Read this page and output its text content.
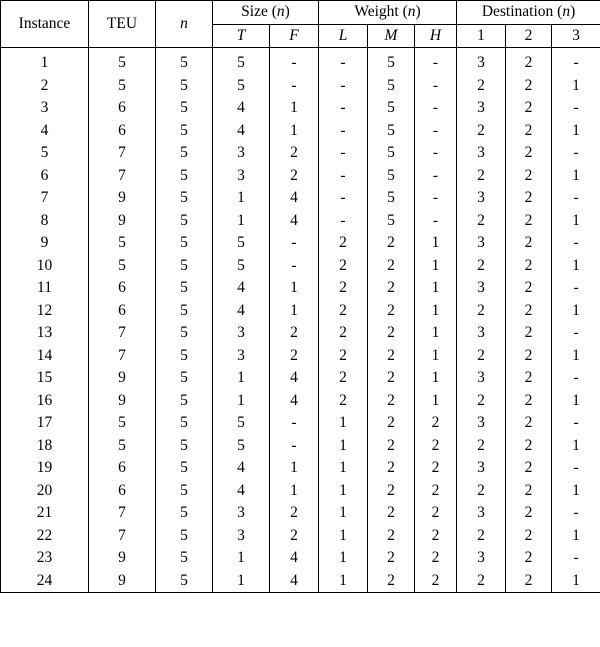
Instance	TEU	n	Size (n)		Weight (n)			Destination (n)		
			T	F	L	M	H	1	2	3

1	5	5	5	-	-	5	-	3	2	-
2	5	5	5	-	-	5	-	2	2	1
3	6	5	4	1	-	5	-	3	2	-
4	6	5	4	1	-	5	-	2	2	1
5	7	5	3	2	-	5	-	3	2	-
6	7	5	3	2	-	5	-	2	2	1
7	9	5	1	4	-	5	-	3	2	-
8	9	5	1	4	-	5	-	2	2	1
9	5	5	5	-	2	2	1	3	2	-
10	5	5	5	-	2	2	1	2	2	1
11	6	5	4	1	2	2	1	3	2	-
12	6	5	4	1	2	2	1	2	2	1
13	7	5	3	2	2	2	1	3	2	-
14	7	5	3	2	2	2	1	2	2	1
15	9	5	1	4	2	2	1	3	2	-
16	9	5	1	4	2	2	1	2	2	1
17	5	5	5	-	1	2	2	3	2	-
18	5	5	5	-	1	2	2	2	2	1
19	6	5	4	1	1	2	2	3	2	-
20	6	5	4	1	1	2	2	2	2	1
21	7	5	3	2	1	2	2	3	2	-
22	7	5	3	2	1	2	2	2	2	1
23	9	5	1	4	1	2	2	3	2	-
24	9	5	1	4	1	2	2	2	2	1
